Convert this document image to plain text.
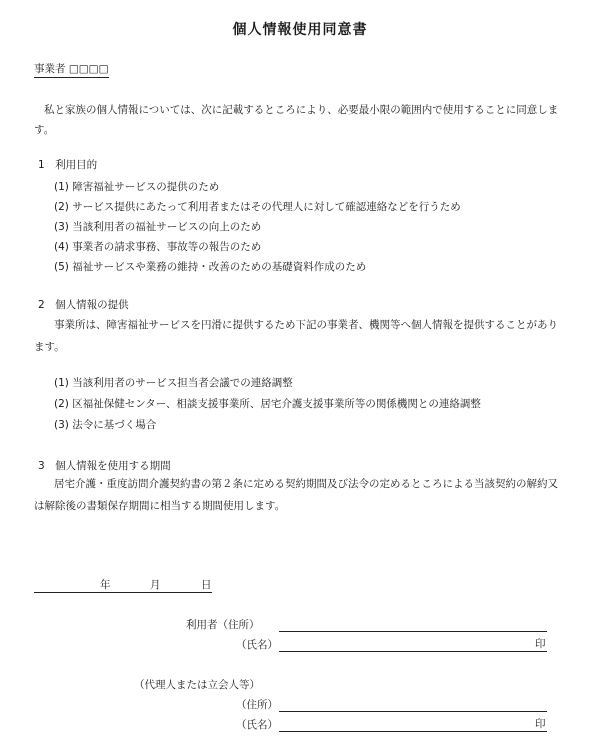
個人情報使用同意書
事業者 □□□□
私と家族の個人情報については、次に記載するところにより、必要最小限の範囲内で使用することに同意します。
1　利用目的
(1) 障害福祉サービスの提供のため
(2) サービス提供にあたって利用者またはその代理人に対して確認連絡などを行うため
(3) 当該利用者の福祉サービスの向上のため
(4) 事業者の請求事務、事故等の報告のため
(5) 福祉サービスや業務の維持・改善のための基礎資料作成のため
2　個人情報の提供
事業所は、障害福祉サービスを円滑に提供するため下記の事業者、機関等へ個人情報を提供することがあります。
(1) 当該利用者のサービス担当者会議での連絡調整
(2) 区福祉保健センター、相談支援事業所、居宅介護支援事業所等の関係機関との連絡調整
(3) 法令に基づく場合
3　個人情報を使用する期間
居宅介護・重度訪問介護契約書の第２条に定める契約期間及び法令の定めるところによる当該契約の解約又は解除後の書類保存期間に相当する期間使用します。
年	月	日
利用者（住所）
（氏名）	印
（代理人または立会人等）
（住所）
（氏名）	印
